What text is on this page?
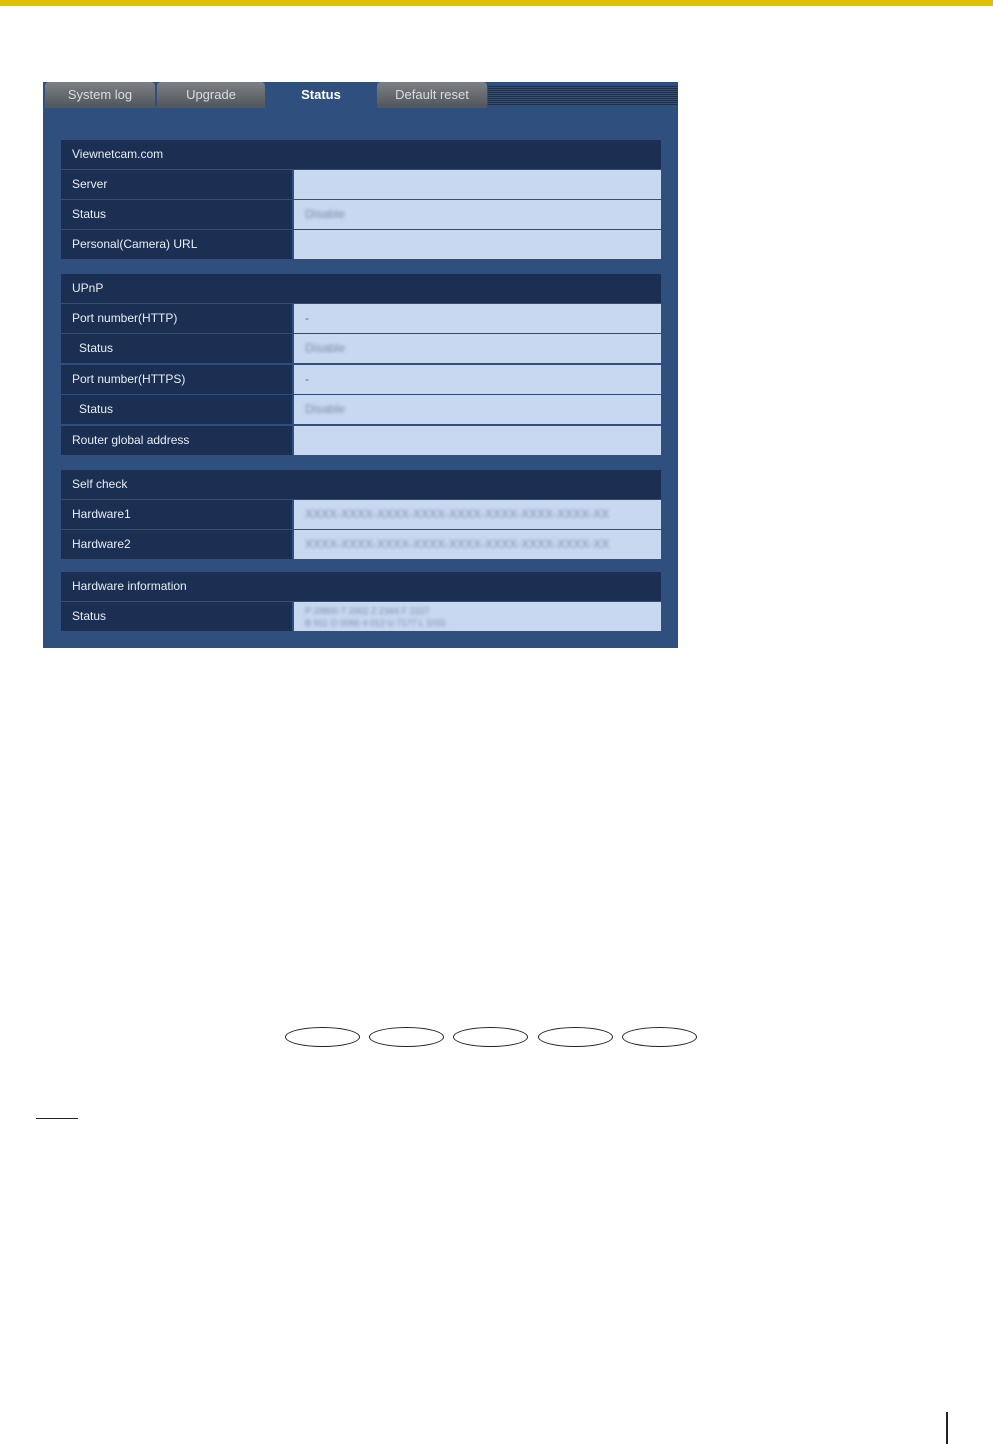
System log	Upgrade	Status	Default reset
Viewnetcam.com
Server
Status	Disable
Personal(Camera) URL
UPnP
Port number(HTTP)	-
Status	Disable
Port number(HTTPS)	-
Status	Disable
Router global address
Self check
Hardware1	XXXX-XXXX-XXXX-XXXX-XXXX-XXXX-XXXX-XXXX-XX
Hardware2	XXXX-XXXX-XXXX-XXXX-XXXX-XXXX-XXXX-XXXX-XX
Hardware information
Status	P 29800 T 2002 Z 2344 F 2227
B 911 O 0066 4 012 U 7177 L 1031
